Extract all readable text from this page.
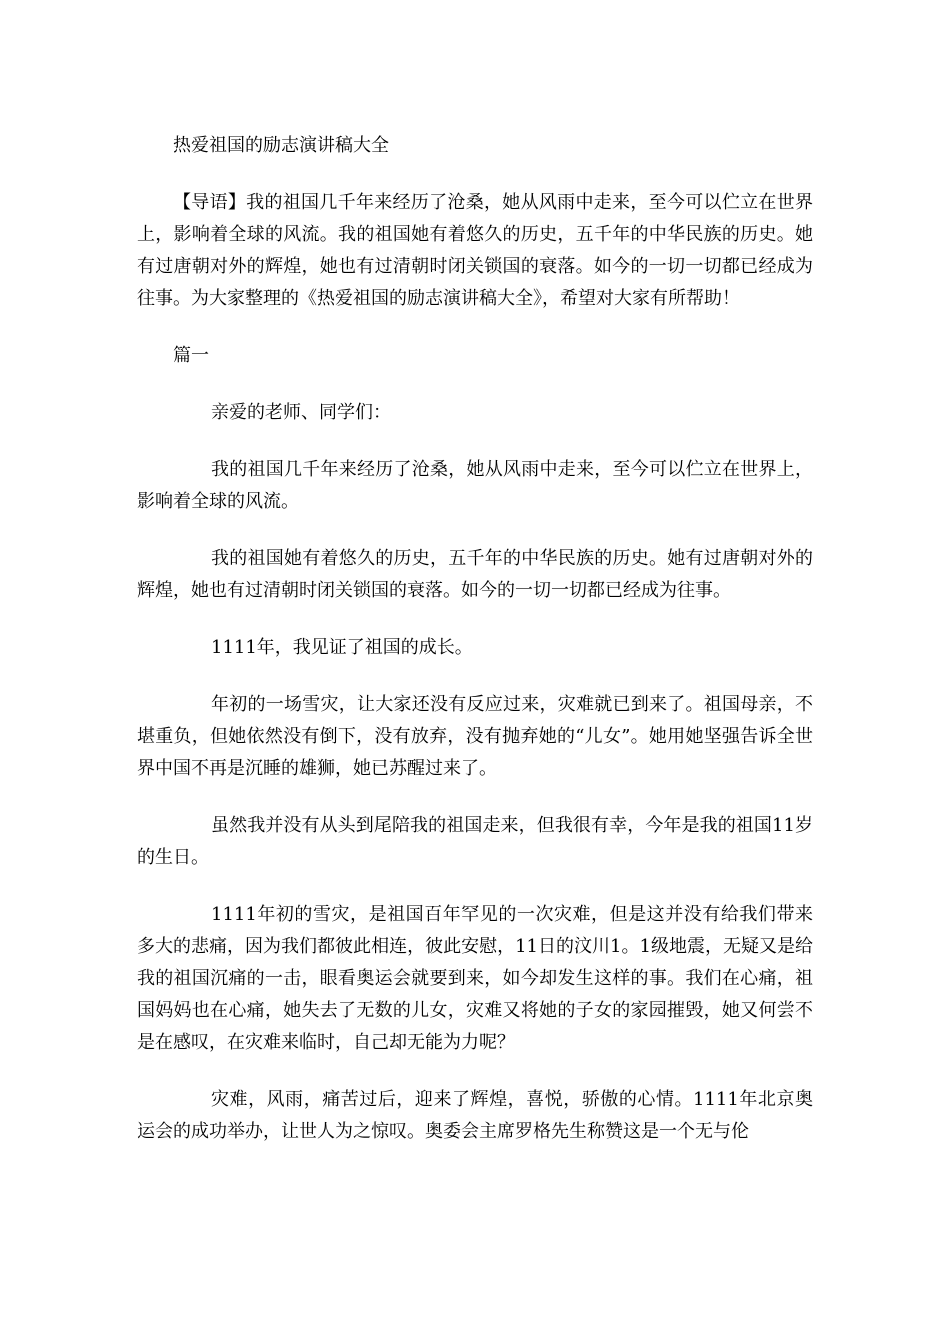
热爱祖国的励志演讲稿大全

【导语】我的祖国几千年来经历了沧桑，她从风雨中走来，至今可以伫立在世界上，影响着全球的风流。我的祖国她有着悠久的历史，五千年的中华民族的历史。她有过唐朝对外的辉煌，她也有过清朝时闭关锁国的衰落。如今的一切一切都已经成为往事。为大家整理的《热爱祖国的励志演讲稿大全》，希望对大家有所帮助！

篇一

亲爱的老师、同学们：

我的祖国几千年来经历了沧桑，她从风雨中走来，至今可以伫立在世界上，影响着全球的风流。

我的祖国她有着悠久的历史，五千年的中华民族的历史。她有过唐朝对外的辉煌，她也有过清朝时闭关锁国的衰落。如今的一切一切都已经成为往事。

1111年，我见证了祖国的成长。

年初的一场雪灾，让大家还没有反应过来，灾难就已到来了。祖国母亲，不堪重负，但她依然没有倒下，没有放弃，没有抛弃她的“儿女”。她用她坚强告诉全世界中国不再是沉睡的雄狮，她已苏醒过来了。

虽然我并没有从头到尾陪我的祖国走来，但我很有幸，今年是我的祖国11岁的生日。

1111年初的雪灾，是祖国百年罕见的一次灾难，但是这并没有给我们带来多大的悲痛，因为我们都彼此相连，彼此安慰，11日的汶川1。1级地震，无疑又是给我的祖国沉痛的一击，眼看奥运会就要到来，如今却发生这样的事。我们在心痛，祖国妈妈也在心痛，她失去了无数的儿女，灾难又将她的子女的家园摧毁，她又何尝不是在感叹，在灾难来临时，自己却无能为力呢？

灾难，风雨，痛苦过后，迎来了辉煌，喜悦，骄傲的心情。1111年北京奥运会的成功举办，让世人为之惊叹。奥委会主席罗格先生称赞这是一个无与伦
